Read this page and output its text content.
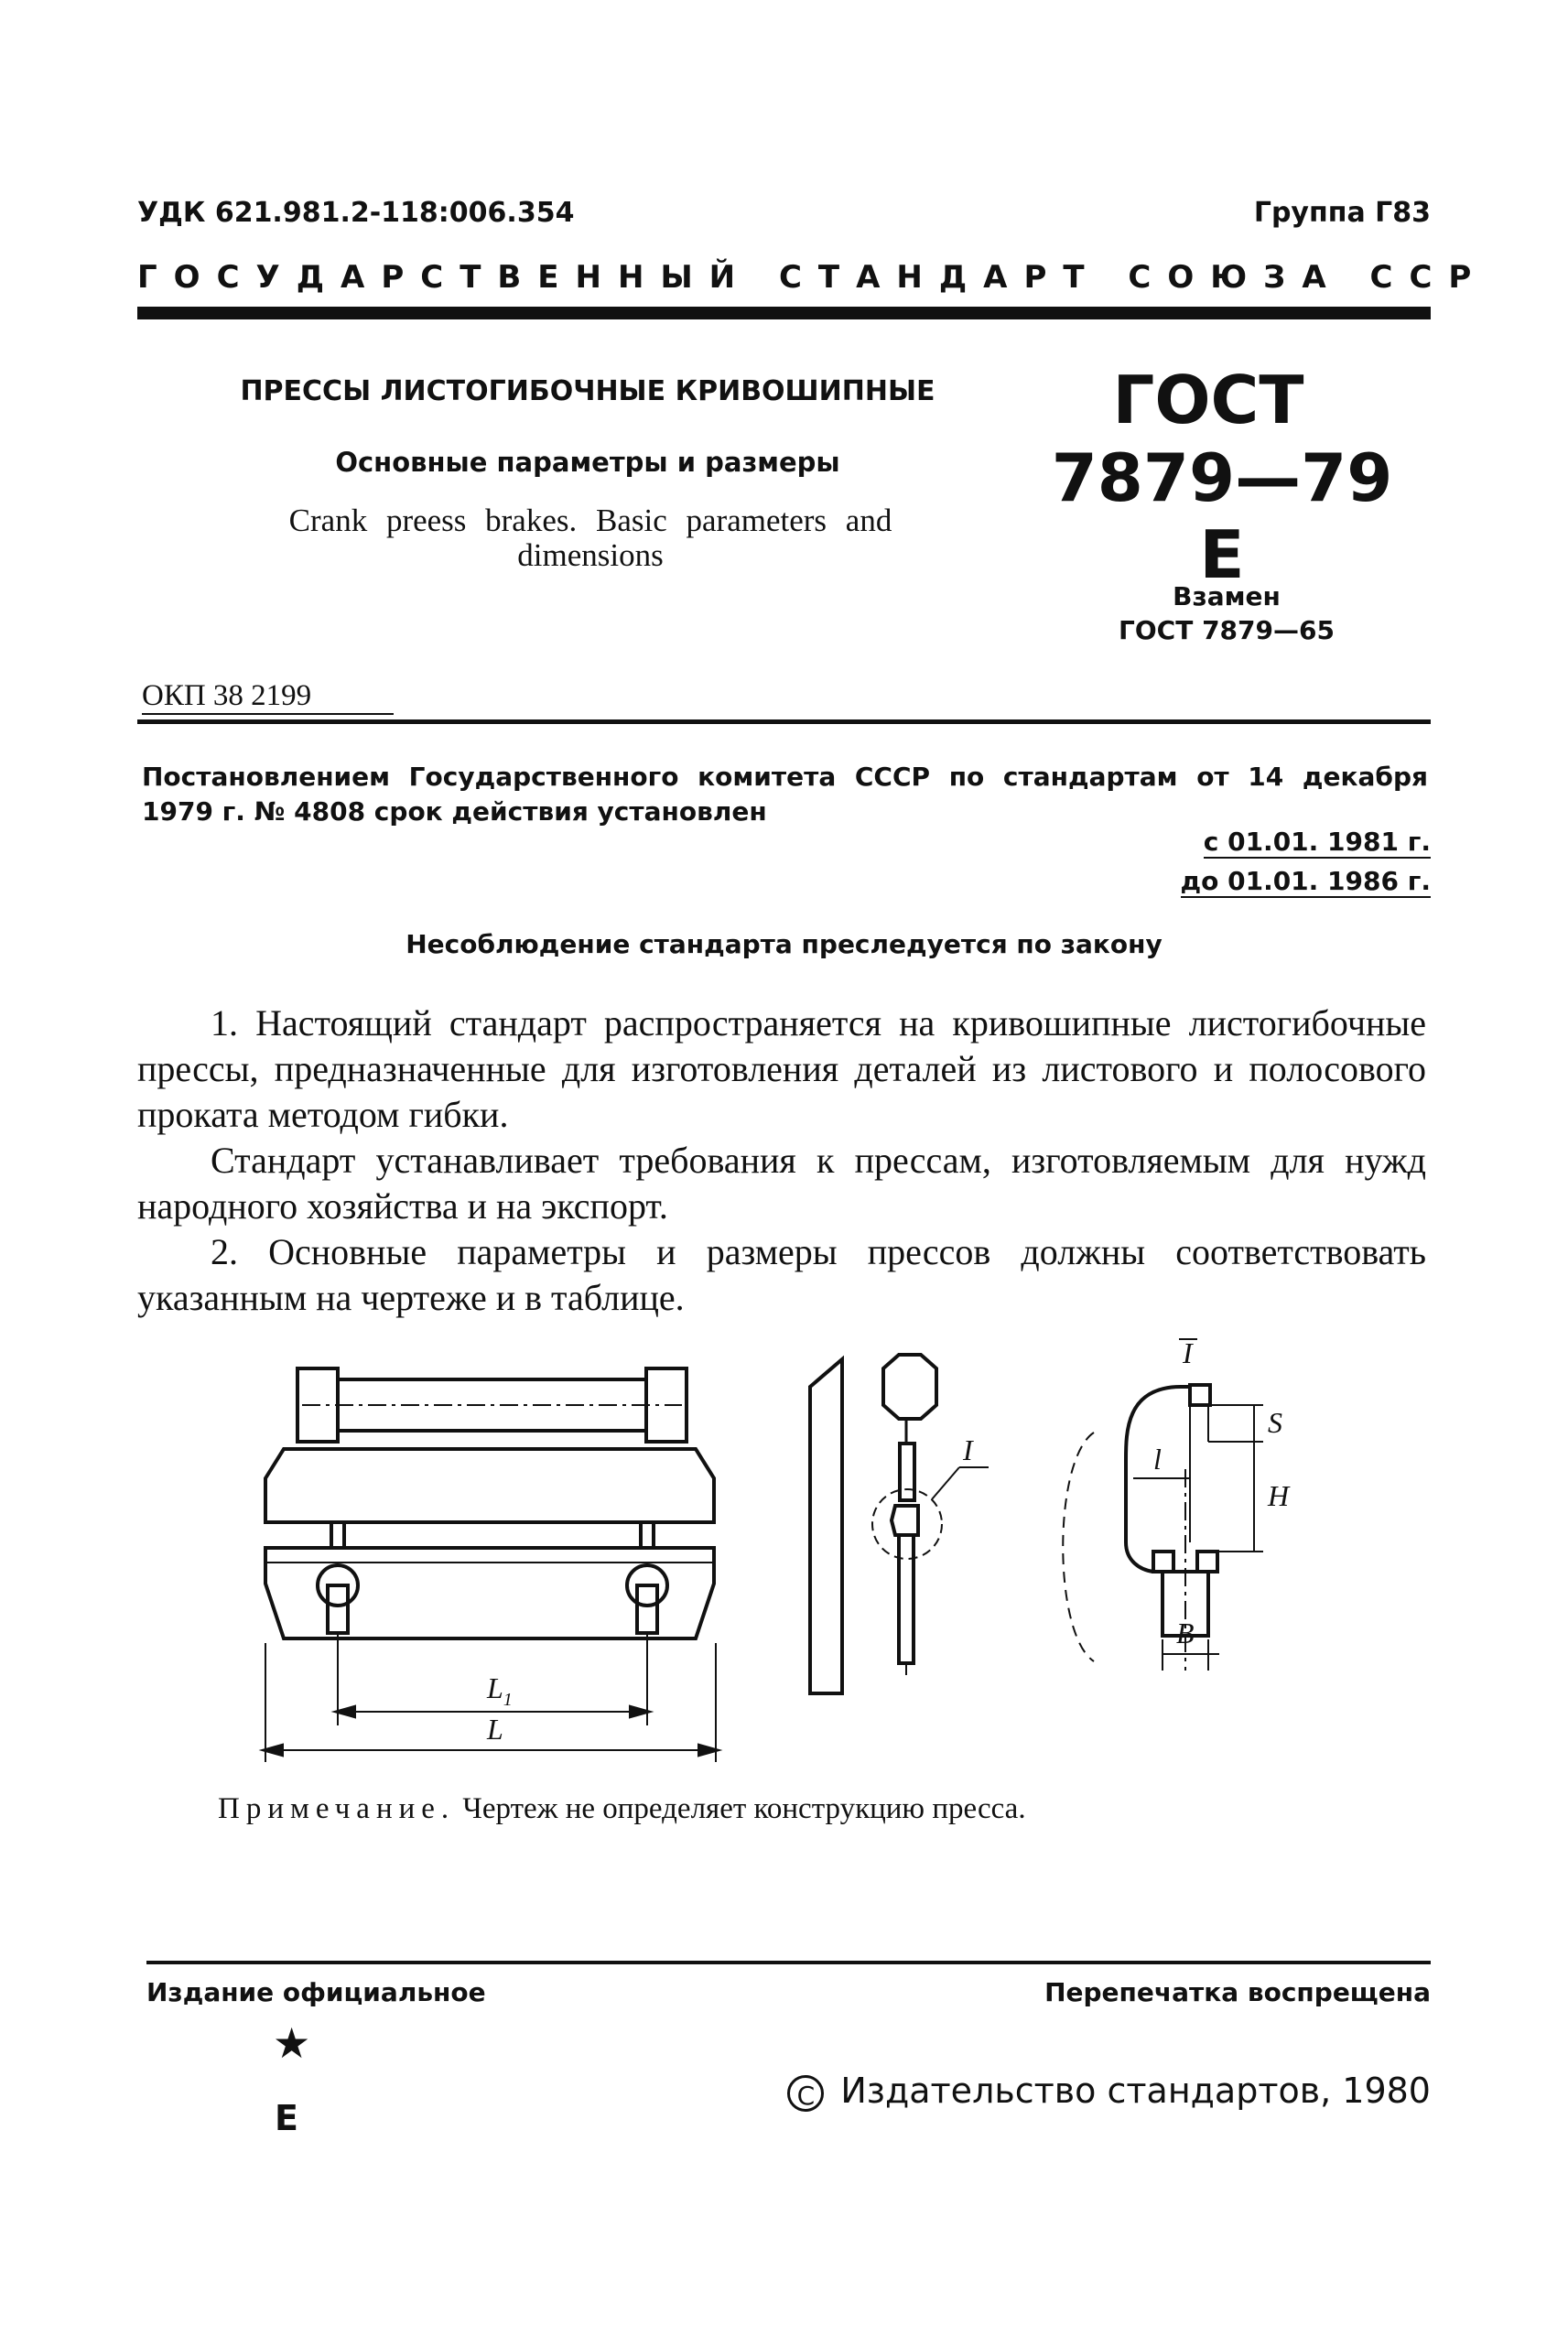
УДК 621.981.2-118:006.354	Группа Г83
ГОСУДАРСТВЕННЫЙ СТАНДАРТ СОЮЗА ССР
ПРЕССЫ ЛИСТОГИБОЧНЫЕ КРИВОШИПНЫЕ
Основные параметры и размеры
Crank preess brakes. Basic parameters and dimensions
ГОСТ
7879—79 Е
Взамен
ГОСТ 7879—65
ОКП 38 2199
Постановлением Государственного комитета СССР по стандартам от 14 декабря 1979 г. № 4808 срок действия установлен
с 01.01. 1981 г.
до 01.01. 1986 г.
Несоблюдение стандарта преследуется по закону

1. Настоящий стандарт распространяется на кривошипные листогибочные прессы, предназначенные для изготовления деталей из листового и полосового проката методом гибки.

Стандарт устанавливает требования к прессам, изготовляемым для нужд народного хозяйства и на экспорт.

2. Основные параметры и размеры прессов должны соответствовать указанным на чертеже и в таблице.

$L_1$
L
I
I
S
H
l
B
Примечание. Чертеж не определяет конструкцию пресса.
Издание официальное	Перепечатка воспрещена
★
Е
C Издательство стандартов, 1980
